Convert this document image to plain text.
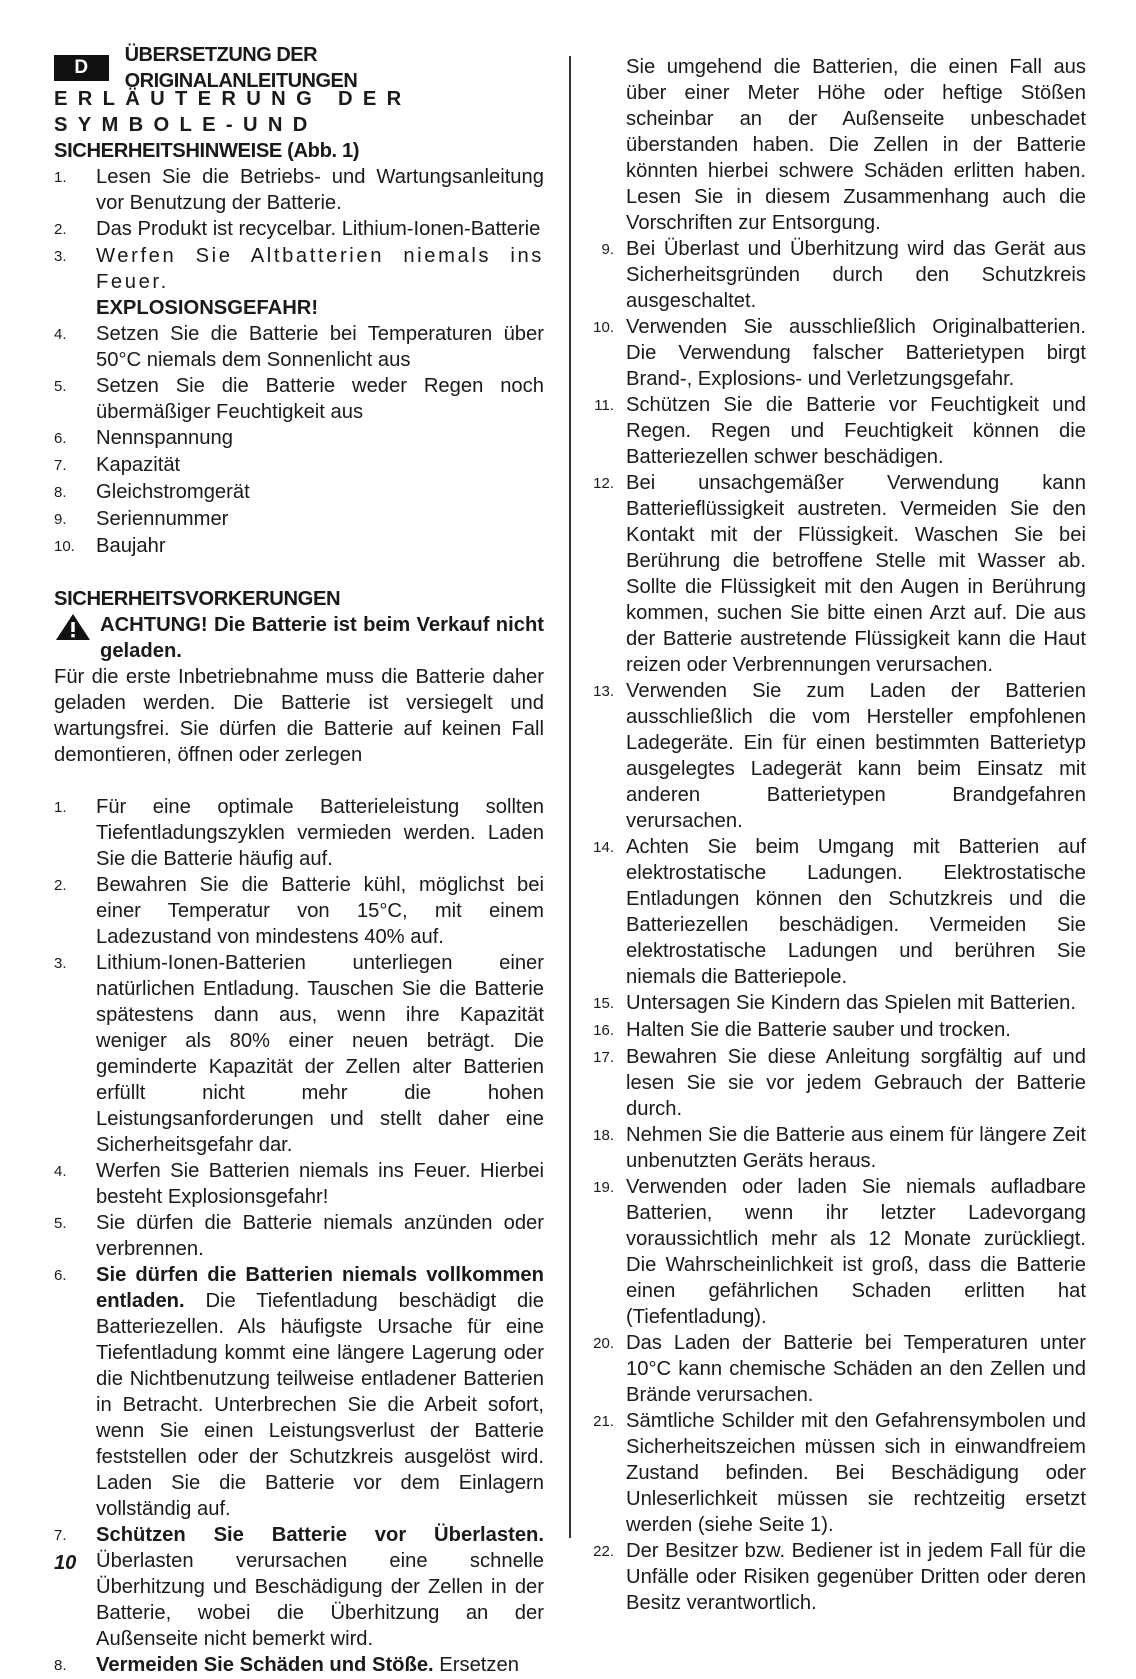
D
ÜBERSETZUNG DER ORIGINALANLEITUNGEN
ERLÄUTERUNG DER SYMBOLE-UND
SICHERHEITSHINWEISE (Abb. 1)
1.	Lesen Sie die Betriebs- und Wartungsanleitung vor Benutzung der Batterie.
2.	Das Produkt ist recycelbar. Lithium-Ionen-Batterie
3.	Werfen Sie Altbatterien niemals ins Feuer.
EXPLOSIONSGEFAHR!
4.	Setzen Sie die Batterie bei Temperaturen über 50°C niemals dem Sonnenlicht aus
5.	Setzen Sie die Batterie weder Regen noch übermäßiger Feuchtigkeit aus
6.	Nennspannung
7.	Kapazität
8.	Gleichstromgerät
9.	Seriennummer
10.	Baujahr
SICHERHEITSVORKERUNGEN
ACHTUNG! Die Batterie ist beim Verkauf nicht geladen.
Für die erste Inbetriebnahme muss die Batterie daher geladen werden. Die Batterie ist versiegelt und wartungsfrei. Sie dürfen die Batterie auf keinen Fall demontieren, öffnen oder zerlegen
1.	Für eine optimale Batterieleistung sollten Tiefentladungszyklen vermieden werden. Laden Sie die Batterie häufig auf.
2.	Bewahren Sie die Batterie kühl, möglichst bei einer Temperatur von 15°C, mit einem Ladezustand von mindestens 40% auf.
3.	Lithium-Ionen-Batterien unterliegen einer natürlichen Entladung. Tauschen Sie die Batterie spätestens dann aus, wenn ihre Kapazität weniger als 80% einer neuen beträgt. Die geminderte Kapazität der Zellen alter Batterien erfüllt nicht mehr die hohen Leistungsanforderungen und stellt daher eine Sicherheitsgefahr dar.
4.	Werfen Sie Batterien niemals ins Feuer. Hierbei besteht Explosionsgefahr!
5.	Sie dürfen die Batterie niemals anzünden oder verbrennen.
6.	Sie dürfen die Batterien niemals vollkommen entladen. Die Tiefentladung beschädigt die Batteriezellen. Als häufigste Ursache für eine Tiefentladung kommt eine längere Lagerung oder die Nichtbenutzung teilweise entladener Batterien in Betracht. Unterbrechen Sie die Arbeit sofort, wenn Sie einen Leistungsverlust der Batterie feststellen oder der Schutzkreis ausgelöst wird. Laden Sie die Batterie vor dem Einlagern vollständig auf.
7.	Schützen Sie Batterie vor Überlasten. Überlasten verursachen eine schnelle Überhitzung und Beschädigung der Zellen in der Batterie, wobei die Überhitzung an der Außenseite nicht bemerkt wird.
8.	Vermeiden Sie Schäden und Stöße. Ersetzen
Sie umgehend die Batterien, die einen Fall aus über einer Meter Höhe oder heftige Stößen scheinbar an der Außenseite unbeschadet überstanden haben. Die Zellen in der Batterie könnten hierbei schwere Schäden erlitten haben. Lesen Sie in diesem Zusammenhang auch die Vorschriften zur Entsorgung.
9. Bei Überlast und Überhitzung wird das Gerät aus Sicherheitsgründen durch den Schutzkreis ausgeschaltet.
10. Verwenden Sie ausschließlich Originalbatterien. Die Verwendung falscher Batterietypen birgt Brand-, Explosions- und Verletzungsgefahr.
11. Schützen Sie die Batterie vor Feuchtigkeit und Regen. Regen und Feuchtigkeit können die Batteriezellen schwer beschädigen.
12. Bei unsachgemäßer Verwendung kann Batterieflüssigkeit austreten. Vermeiden Sie den Kontakt mit der Flüssigkeit. Waschen Sie bei Berührung die betroffene Stelle mit Wasser ab. Sollte die Flüssigkeit mit den Augen in Berührung kommen, suchen Sie bitte einen Arzt auf. Die aus der Batterie austretende Flüssigkeit kann die Haut reizen oder Verbrennungen verursachen.
13. Verwenden Sie zum Laden der Batterien ausschließlich die vom Hersteller empfohlenen Ladegeräte. Ein für einen bestimmten Batterietyp ausgelegtes Ladegerät kann beim Einsatz mit anderen Batterietypen Brandgefahren verursachen.
14. Achten Sie beim Umgang mit Batterien auf elektrostatische Ladungen. Elektrostatische Entladungen können den Schutzkreis und die Batteriezellen beschädigen. Vermeiden Sie elektrostatische Ladungen und berühren Sie niemals die Batteriepole.
15. Untersagen Sie Kindern das Spielen mit Batterien.
16. Halten Sie die Batterie sauber und trocken.
17. Bewahren Sie diese Anleitung sorgfältig auf und lesen Sie sie vor jedem Gebrauch der Batterie durch.
18. Nehmen Sie die Batterie aus einem für längere Zeit unbenutzten Geräts heraus.
19. Verwenden oder laden Sie niemals aufladbare Batterien, wenn ihr letzter Ladevorgang voraussichtlich mehr als 12 Monate zurückliegt. Die Wahrscheinlichkeit ist groß, dass die Batterie einen gefährlichen Schaden erlitten hat (Tiefentladung).
20. Das Laden der Batterie bei Temperaturen unter 10°C kann chemische Schäden an den Zellen und Brände verursachen.
21. Sämtliche Schilder mit den Gefahrensymbolen und Sicherheitszeichen müssen sich in einwandfreiem Zustand befinden. Bei Beschädigung oder Unleserlichkeit müssen sie rechtzeitig ersetzt werden (siehe Seite 1).
22. Der Besitzer bzw. Bediener ist in jedem Fall für die Unfälle oder Risiken gegenüber Dritten oder deren Besitz verantwortlich.
10
